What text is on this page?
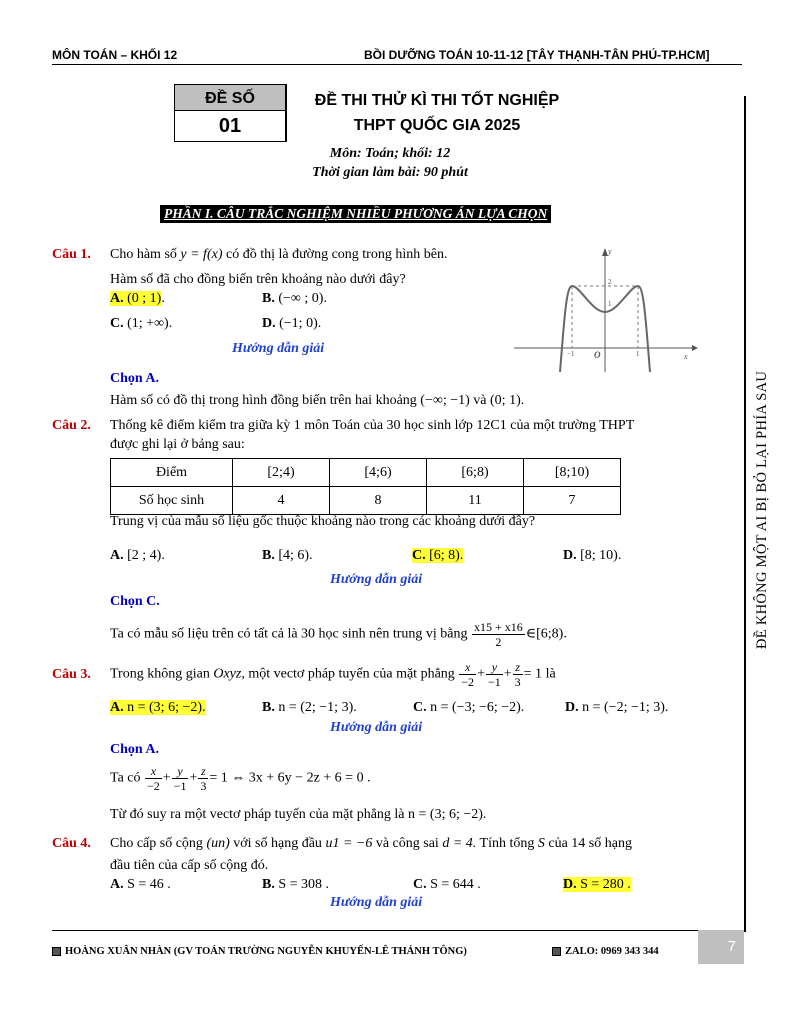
MÔN TOÁN – KHỐI 12	BỒI DƯỠNG TOÁN 10-11-12 [TÂY THẠNH-TÂN PHÚ-TP.HCM]
ĐỀ KHÔNG MỘT AI BỊ BỎ LẠI PHÍA SAU
ĐỀ SỐ
01
ĐỀ THI THỬ KÌ THI TỐT NGHIỆP
THPT QUỐC GIA 2025
Môn: Toán; khối: 12
Thời gian làm bài: 90 phút
PHẦN I. CÂU TRẮC NGHIỆM NHIỀU PHƯƠNG ÁN LỰA CHỌN
Câu 1. Cho hàm số y = f(x) có đồ thị là đường cong trong hình bên.
Hàm số đã cho đồng biến trên khoảng nào dưới đây?
A. (0 ; 1).	B. (−∞ ; 0).
C. (1; +∞).	D. (−1; 0).
Hướng dẫn giải
y
x
O
−1	1
2
1
Chọn A.
Hàm số có đồ thị trong hình đồng biến trên hai khoảng (−∞; −1) và (0; 1).
Câu 2. Thống kê điểm kiểm tra giữa kỳ 1 môn Toán của 30 học sinh lớp 12C1 của một trường THPT
được ghi lại ở bảng sau:
Điểm	[2;4)	[4;6)	[6;8)	[8;10)
Số học sinh	4	8	11	7
Trung vị của mẫu số liệu gốc thuộc khoảng nào trong các khoảng dưới đây?
A. [2 ; 4).	B. [4; 6).	C. [6; 8).	D. [8; 10).
Hướng dẫn giải
Chọn C.
Ta có mẫu số liệu trên có tất cả là 30 học sinh nên trung vị bằng $\frac{x15 + x16}{2}$ ∈[6;8).
Câu 3. Trong không gian Oxyz, một vectơ pháp tuyến của mặt phẳng $\frac{x}{-2} + \frac{y}{-1} + \frac{z}{3} = 1$ là
A. n = (3; 6; −2).	B. n = (2; −1; 3).	C. n = (−3; −6; −2).	D. n = (−2; −1; 3).
Hướng dẫn giải
Chọn A.
Ta có $\frac{x}{-2} + \frac{y}{-1} + \frac{z}{3} = 1$ ⇔ 3x + 6y − 2z + 6 = 0 .
Từ đó suy ra một vectơ pháp tuyến của mặt phẳng là n = (3; 6; −2).
Câu 4. Cho cấp số cộng (un) với số hạng đầu u1 = −6 và công sai d = 4. Tính tổng S của 14 số hạng
đầu tiên của cấp số cộng đó.
A. S = 46 .	B. S = 308 .	C. S = 644 .	D. S = 280 .
Hướng dẫn giải
HOÀNG XUÂN NHÀN (GV TOÁN TRƯỜNG NGUYỄN KHUYẾN-LÊ THÁNH TÔNG)	ZALO: 0969 343 344	7
